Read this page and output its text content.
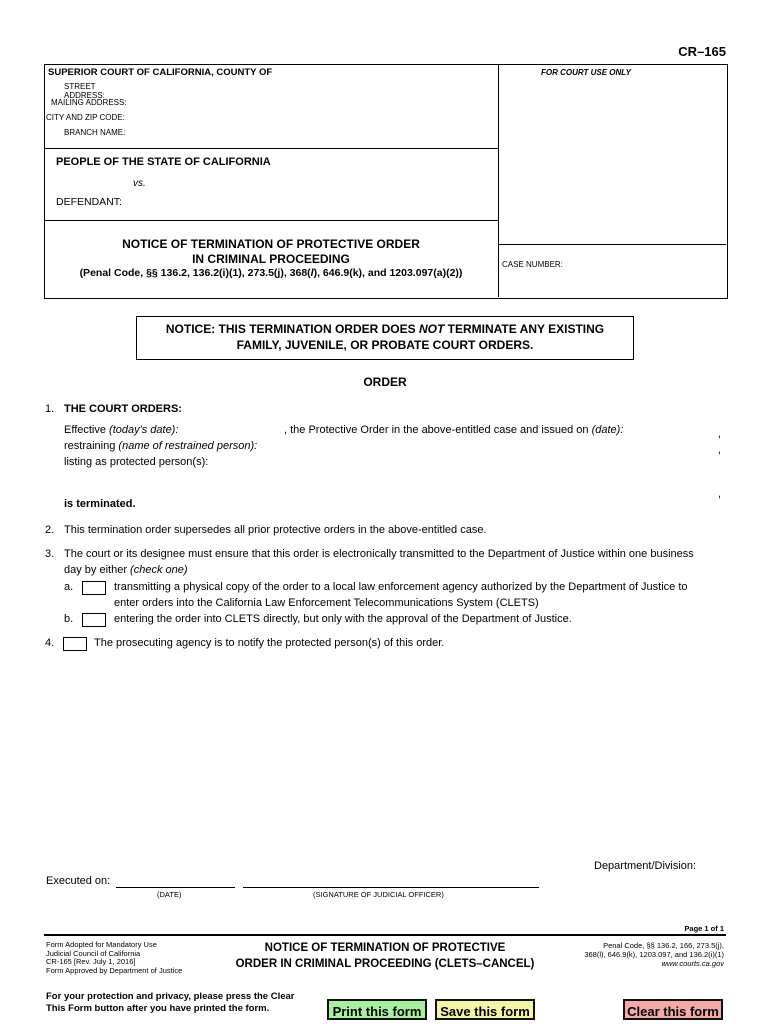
CR–165
SUPERIOR COURT OF CALIFORNIA, COUNTY OF	FOR COURT USE ONLY
STREET ADDRESS:
MAILING ADDRESS:
CITY AND ZIP CODE:
BRANCH NAME:
PEOPLE OF THE STATE OF CALIFORNIA
vs.
DEFENDANT:
NOTICE OF TERMINATION OF PROTECTIVE ORDER
IN CRIMINAL PROCEEDING
(Penal Code, §§ 136.2, 136.2(i)(1), 273.5(j), 368(l), 646.9(k), and 1203.097(a)(2))
CASE NUMBER:
NOTICE: THIS TERMINATION ORDER DOES NOT TERMINATE ANY EXISTING
FAMILY, JUVENILE, OR PROBATE COURT ORDERS.
ORDER
1. THE COURT ORDERS:
Effective (today's date):	, the Protective Order in the above-entitled case and issued on (date):	,
restraining (name of restrained person):	,
listing as protected person(s):
,
is terminated.
2. This termination order supersedes all prior protective orders in the above-entitled case.
3. The court or its designee must ensure that this order is electronically transmitted to the Department of Justice within one business
day by either (check one)
a.	transmitting a physical copy of the order to a local law enforcement agency authorized by the Department of Justice to
enter orders into the California Law Enforcement Telecommunications System (CLETS)
b.	entering the order into CLETS directly, but only with the approval of the Department of Justice.
4.	The prosecuting agency is to notify the protected person(s) of this order.
Department/Division:
Executed on:
(DATE)	(SIGNATURE OF JUDICIAL OFFICER)
Page 1 of 1
Form Adopted for Mandatory Use
Judicial Council of California
CR-165 [Rev. July 1, 2016]
Form Approved by Department of Justice
NOTICE OF TERMINATION OF PROTECTIVE
ORDER IN CRIMINAL PROCEEDING (CLETS–CANCEL)
Penal Code, §§ 136.2, 166, 273.5(j),
368(l), 646.9(k), 1203.097, and 136.2(i)(1)
www.courts.ca.gov
For your protection and privacy, please press the Clear
This Form button after you have printed the form.	Print this form	Save this form	Clear this form
